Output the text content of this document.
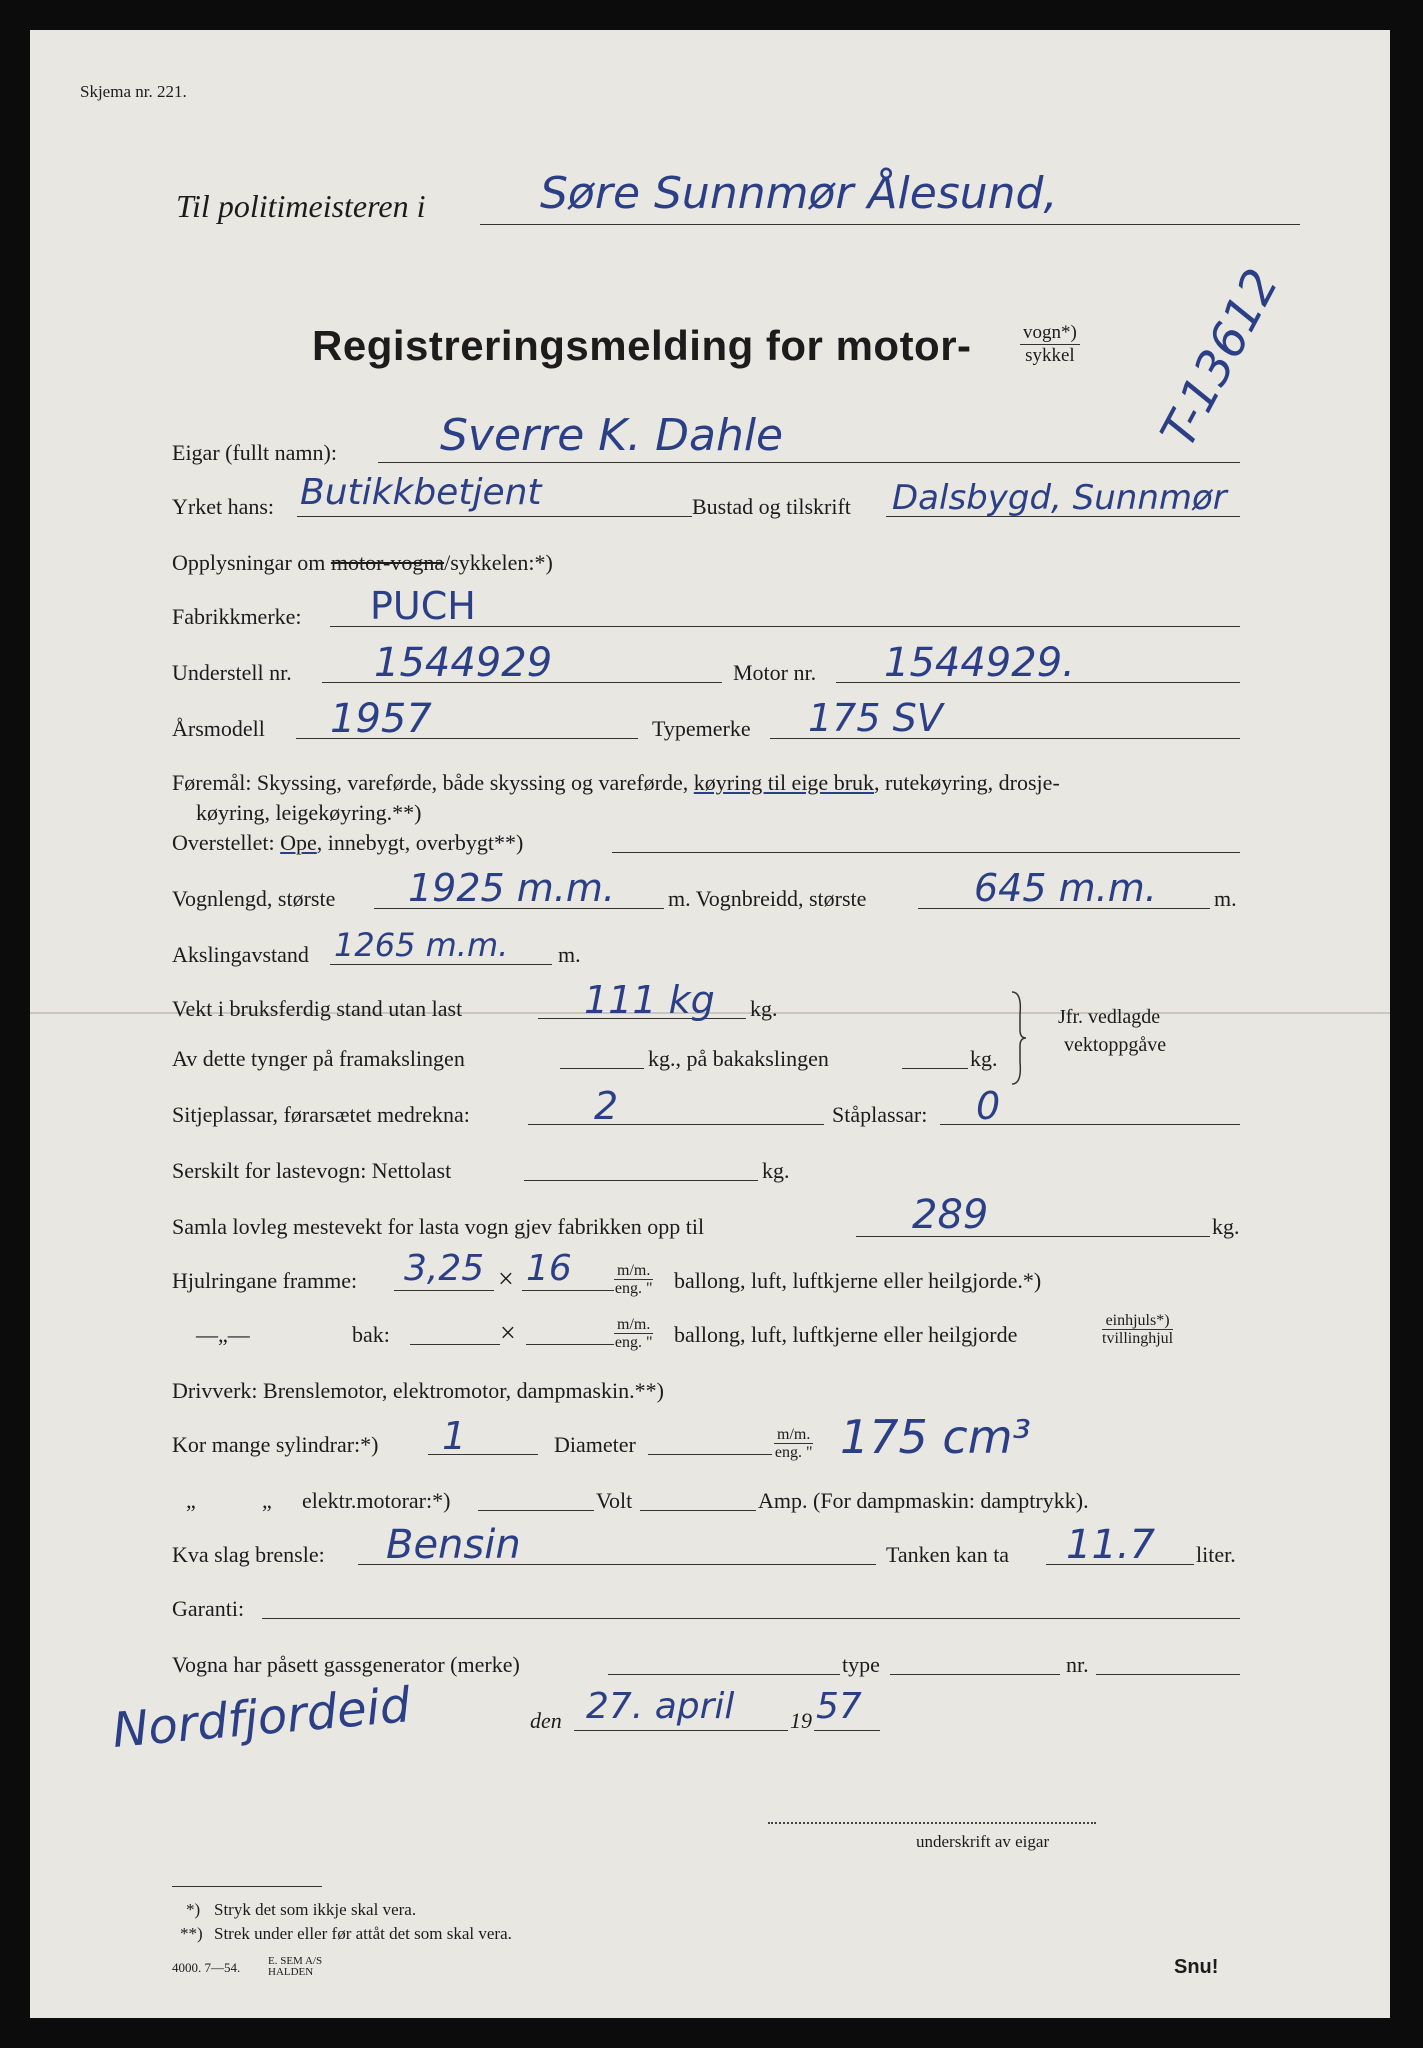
Skjema nr. 221.
Til politimeisteren i	Søre Sunnmør Ålesund,
Registreringsmelding for motor-	vogn*)
sykkel T-13612
Eigar (fullt namn): Sverre K. Dahle
Yrket hans: Butikkbetjent	Bustad og tilskrift Dalsbygd, Sunnmør
Opplysningar om motor-vogna/sykkelen:*)
Fabrikkmerke: PUCH
Understell nr. 1544929	Motor nr. 1544929.
Årsmodell 1957	Typemerke 175 SV
Føremål: Skyssing, vareførde, både skyssing og vareførde, køyring til eige bruk, rutekøyring, drosje-
køyring, leigekøyring.**)
Overstellet: Ope, innebygt, overbygt**)
Vognlengd, største 1925 m.m. m. Vognbreidd, største	645 m.m.	m.
Akslingavstand 1265 m.m. m.
Vekt i bruksferdig stand utan last	111 kg kg.	Jfr. vedlagde
vektoppgåve
Av dette tynger på framakslingen	kg., på bakakslingen	kg.
Sitjeplassar, førarsætet medrekna:	2	Ståplassar: 0
Serskilt for lastevogn: Nettolast	kg.
Samla lovleg mestevekt for lasta vogn gjev fabrikken opp til	289	kg.
Hjulringane framme: 3,25 × 16	m/m.
eng. " ballong, luft, luftkjerne eller heilgjorde.*)
—„—	bak:	×	m/m.
eng. " ballong, luft, luftkjerne eller heilgjorde
einhjuls*)
tvillinghjul
Drivverk: Brenslemotor, elektromotor, dampmaskin.**)
Kor mange sylindrar:*) 1	Diameter	m/m.
eng. " 175 cm³
„	„ elektr.motorar:*)	Volt	Amp. (For dampmaskin: damptrykk).
Kva slag brensle: Bensin	Tanken kan ta 11.7 liter.
Garanti:
Vogna har påsett gassgenerator (merke)	type	nr.
Nordfjordeid	den 27. april	19 57
underskrift av eigar
*) Stryk det som ikkje skal vera.
**) Strek under eller før attåt det som skal vera.
4000. 7—54.	E. SEM A/S HALDEN	Snu!
